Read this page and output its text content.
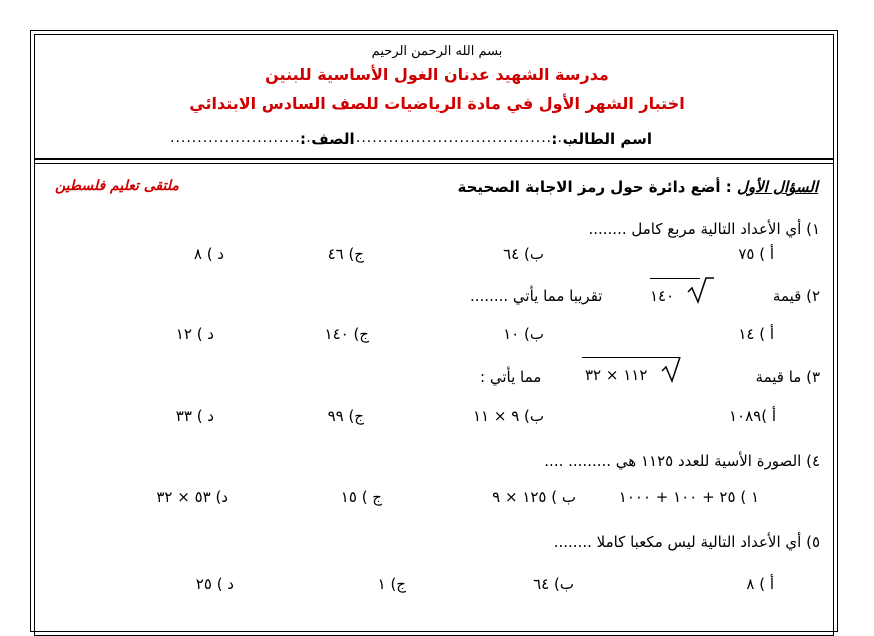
بسم الله الرحمن الرحيم
مدرسة الشهيد عدنان الغول الأساسية للبنين
اختبار الشهر الأول في مادة الرياضيات للصف السادس الابتدائي
اسم الطالب :
............................................
الصف :
...........................
السؤال الأول : أضع دائرة حول رمز الاجابة الصحيحة
ملتقى تعليم فلسطين
١) أي الأعداد التالية مربع كامل ........
أ ) ٧٥
ب) ٦٤
ج) ٤٦
د ) ٨
٢) قيمة
١٤٠
تقريبا مما يأتي ........
أ ) ١٤
ب) ١٠
ج) ١٤٠
د ) ١٢
٣) ما قيمة
١١٢ × ٣٢
مما يأتي :
أ )١٠٨٩
ب) ٩ × ١١
ج) ٩٩
د ) ٣٣
٤) الصورة الأسية للعدد ١١٢٥ هي ......... ....
١ ) ٢٥ + ١٠٠ + ١٠٠٠
ب ) ١٢٥ × ٩
ج ) ١٥
د) ٥٣ × ٣٢
٥) أي الأعداد التالية ليس مكعبا كاملا ........
أ ) ٨
ب) ٦٤
ج) ١
د ) ٢٥
